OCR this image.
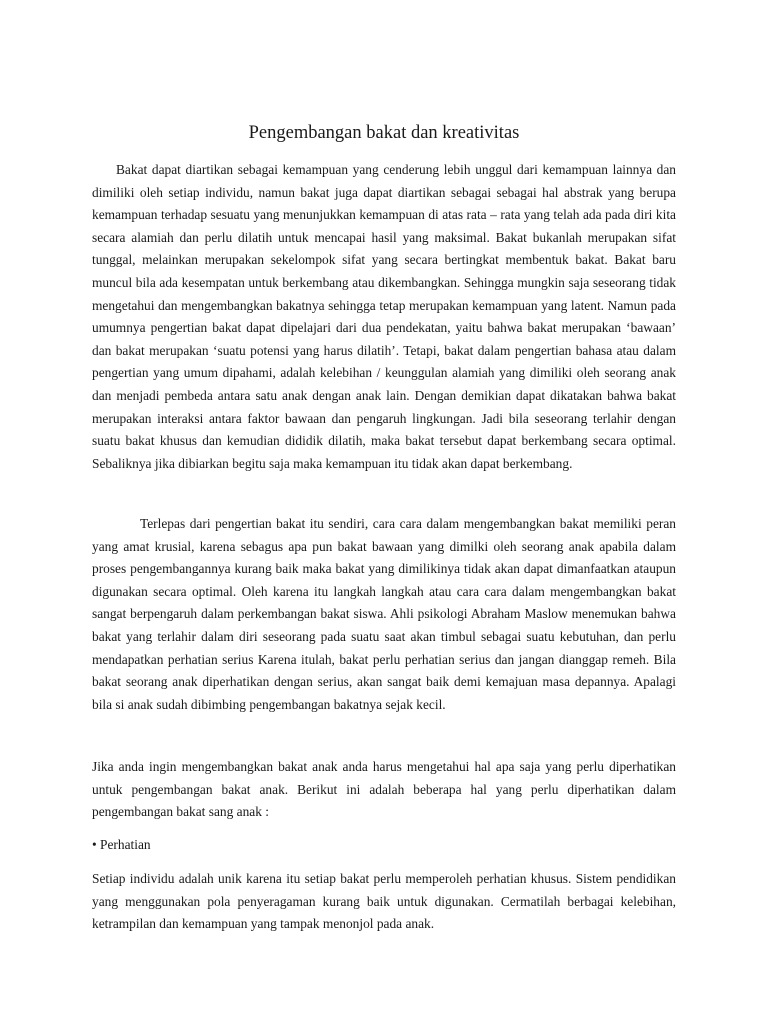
Pengembangan bakat dan kreativitas

Bakat dapat diartikan sebagai kemampuan yang cenderung lebih unggul dari kemampuan lainnya dan dimiliki oleh setiap individu, namun bakat juga dapat diartikan sebagai sebagai hal abstrak yang berupa kemampuan terhadap sesuatu yang menunjukkan kemampuan di atas rata – rata yang telah ada pada diri kita secara alamiah dan perlu dilatih untuk mencapai hasil yang maksimal. Bakat bukanlah merupakan sifat tunggal, melainkan merupakan sekelompok sifat yang secara bertingkat membentuk bakat. Bakat baru muncul bila ada kesempatan untuk berkembang atau dikembangkan. Sehingga mungkin saja seseorang tidak mengetahui dan mengembangkan bakatnya sehingga tetap merupakan kemampuan yang latent. Namun pada umumnya pengertian bakat dapat dipelajari dari dua pendekatan, yaitu bahwa bakat merupakan ‘bawaan’ dan bakat merupakan ‘suatu potensi yang harus dilatih’. Tetapi, bakat dalam pengertian bahasa atau dalam pengertian yang umum dipahami, adalah kelebihan / keunggulan alamiah yang dimiliki oleh seorang anak dan menjadi pembeda antara satu anak dengan anak lain. Dengan demikian dapat dikatakan bahwa bakat merupakan interaksi antara faktor bawaan dan pengaruh lingkungan. Jadi bila seseorang terlahir dengan suatu bakat khusus dan kemudian dididik dilatih, maka bakat tersebut dapat berkembang secara optimal. Sebaliknya jika dibiarkan begitu saja maka kemampuan itu tidak akan dapat berkembang.

Terlepas dari pengertian bakat itu sendiri, cara cara dalam mengembangkan bakat memiliki peran yang amat krusial, karena sebagus apa pun bakat bawaan yang dimilki oleh seorang anak apabila dalam proses pengembangannya kurang baik maka bakat yang dimilikinya tidak akan dapat dimanfaatkan ataupun digunakan secara optimal. Oleh karena itu langkah langkah atau cara cara dalam mengembangkan bakat sangat berpengaruh dalam perkembangan bakat siswa. Ahli psikologi Abraham Maslow menemukan bahwa bakat yang terlahir dalam diri seseorang pada suatu saat akan timbul sebagai suatu kebutuhan, dan perlu mendapatkan perhatian serius Karena itulah, bakat perlu perhatian serius dan jangan dianggap remeh. Bila bakat seorang anak diperhatikan dengan serius, akan sangat baik demi kemajuan masa depannya. Apalagi bila si anak sudah dibimbing pengembangan bakatnya sejak kecil.

Jika anda ingin mengembangkan bakat anak anda harus mengetahui hal apa saja yang perlu diperhatikan untuk pengembangan bakat anak. Berikut ini adalah beberapa hal yang perlu diperhatikan dalam pengembangan bakat sang anak :

• Perhatian

Setiap individu adalah unik karena itu setiap bakat perlu memperoleh perhatian khusus. Sistem pendidikan yang menggunakan pola penyeragaman kurang baik untuk digunakan. Cermatilah berbagai kelebihan, ketrampilan dan kemampuan yang tampak menonjol pada anak.
